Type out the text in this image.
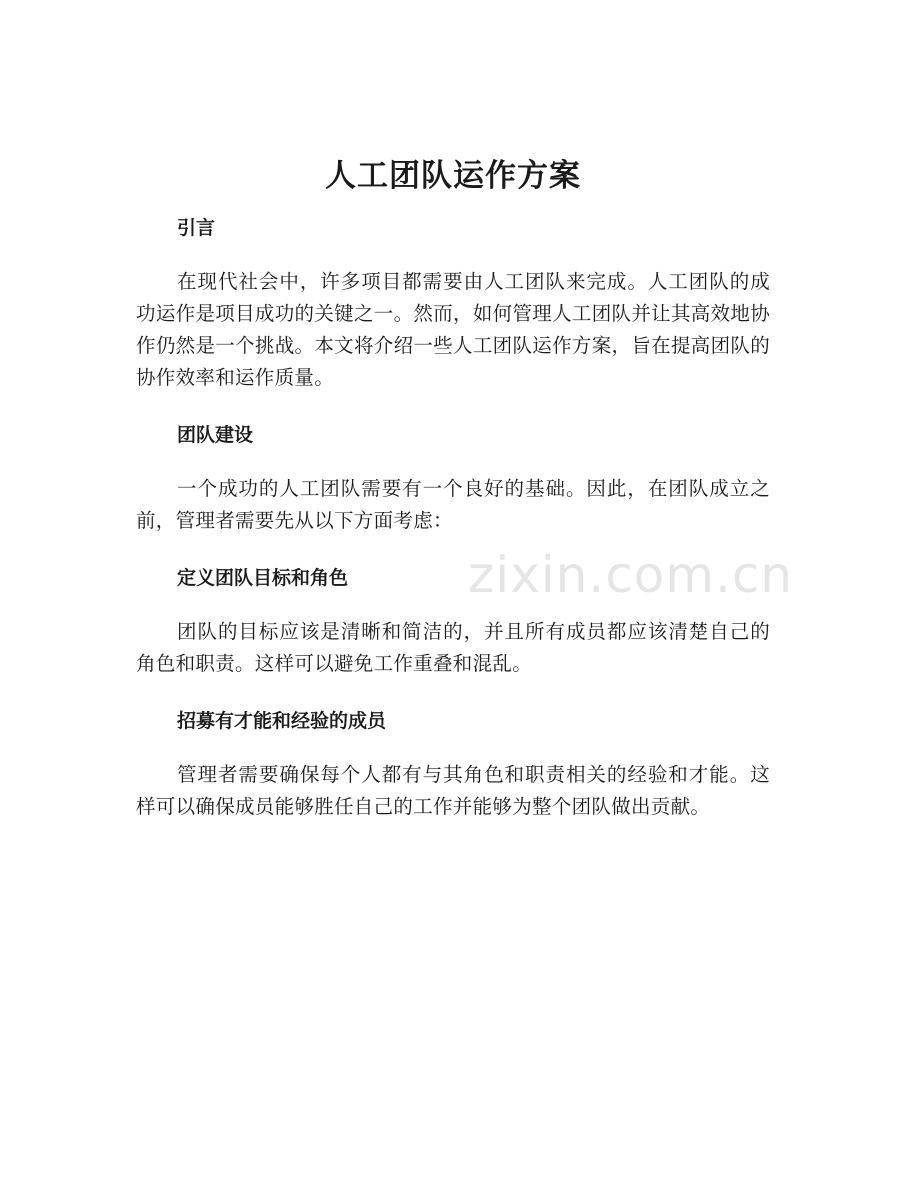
人工团队运作方案
引言

在现代社会中，许多项目都需要由人工团队来完成。人工团队的成功运作是项目成功的关键之一。然而，如何管理人工团队并让其高效地协作仍然是一个挑战。本文将介绍一些人工团队运作方案，旨在提高团队的协作效率和运作质量。

团队建设

一个成功的人工团队需要有一个良好的基础。因此，在团队成立之前，管理者需要先从以下方面考虑：

定义团队目标和角色

团队的目标应该是清晰和简洁的，并且所有成员都应该清楚自己的角色和职责。这样可以避免工作重叠和混乱。

招募有才能和经验的成员

管理者需要确保每个人都有与其角色和职责相关的经验和才能。这样可以确保成员能够胜任自己的工作并能够为整个团队做出贡献。

zixin.com.cn
